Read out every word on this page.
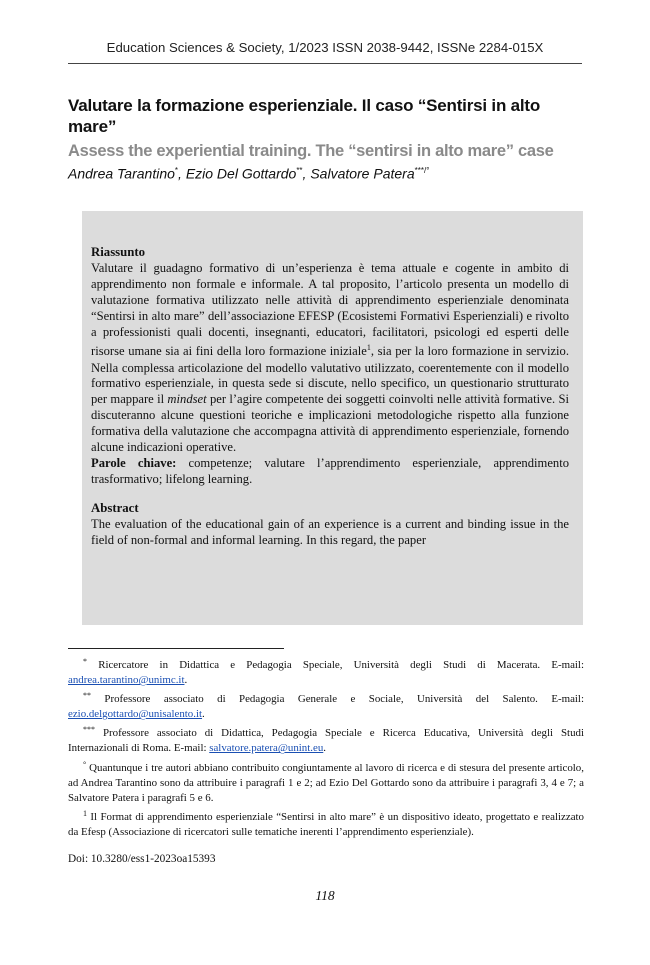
Education Sciences & Society, 1/2023 ISSN 2038-9442, ISSNe 2284-015X
Valutare la formazione esperienziale. Il caso “Sentirsi in alto mare”
Assess the experiential training. The “sentirsi in alto mare” case
Andrea Tarantino*, Ezio Del Gottardo**, Salvatore Patera***/°
Riassunto

Valutare il guadagno formativo di un’esperienza è tema attuale e cogente in ambito di apprendimento non formale e informale. A tal proposito, l’articolo presenta un modello di valutazione formativa utilizzato nelle attività di apprendimento esperienziale denominata “Sentirsi in alto mare” dell’associazione EFESP (Ecosistemi Formativi Esperienziali) e rivolto a professionisti quali docenti, insegnanti, educatori, facilitatori, psicologi ed esperti delle risorse umane sia ai fini della loro formazione iniziale$^1$, sia per la loro formazione in servizio. Nella complessa articolazione del modello valutativo utilizzato, coerentemente con il modello formativo esperienziale, in questa sede si discute, nello specifico, un questionario strutturato per mappare il mindset per l’agire competente dei soggetti coinvolti nelle attività formative. Si discuteranno alcune questioni teoriche e implicazioni metodologiche rispetto alla funzione formativa della valutazione che accompagna attività di apprendimento esperienziale, fornendo alcune indicazioni operative.

Parole chiave: competenze; valutare l’apprendimento esperienziale, apprendimento trasformativo; lifelong learning.

Abstract

The evaluation of the educational gain of an experience is a current and binding issue in the field of non-formal and informal learning. In this regard, the paper

* Ricercatore in Didattica e Pedagogia Speciale, Università degli Studi di Macerata. E-mail: andrea.tarantino@unimc.it.

** Professore associato di Pedagogia Generale e Sociale, Università del Salento. E-mail: ezio.delgottardo@unisalento.it.

*** Professore associato di Didattica, Pedagogia Speciale e Ricerca Educativa, Università degli Studi Internazionali di Roma. E-mail: salvatore.patera@unint.eu.

° Quantunque i tre autori abbiano contribuito congiuntamente al lavoro di ricerca e di stesura del presente articolo, ad Andrea Tarantino sono da attribuire i paragrafi 1 e 2; ad Ezio Del Gottardo sono da attribuire i paragrafi 3, 4 e 7; a Salvatore Patera i paragrafi 5 e 6.

$^1$ Il Format di apprendimento esperienziale “Sentirsi in alto mare” è un dispositivo ideato, progettato e realizzato da Efesp (Associazione di ricercatori sulle tematiche inerenti l’apprendimento esperienziale).

Doi: 10.3280/ess1-2023oa15393
118
